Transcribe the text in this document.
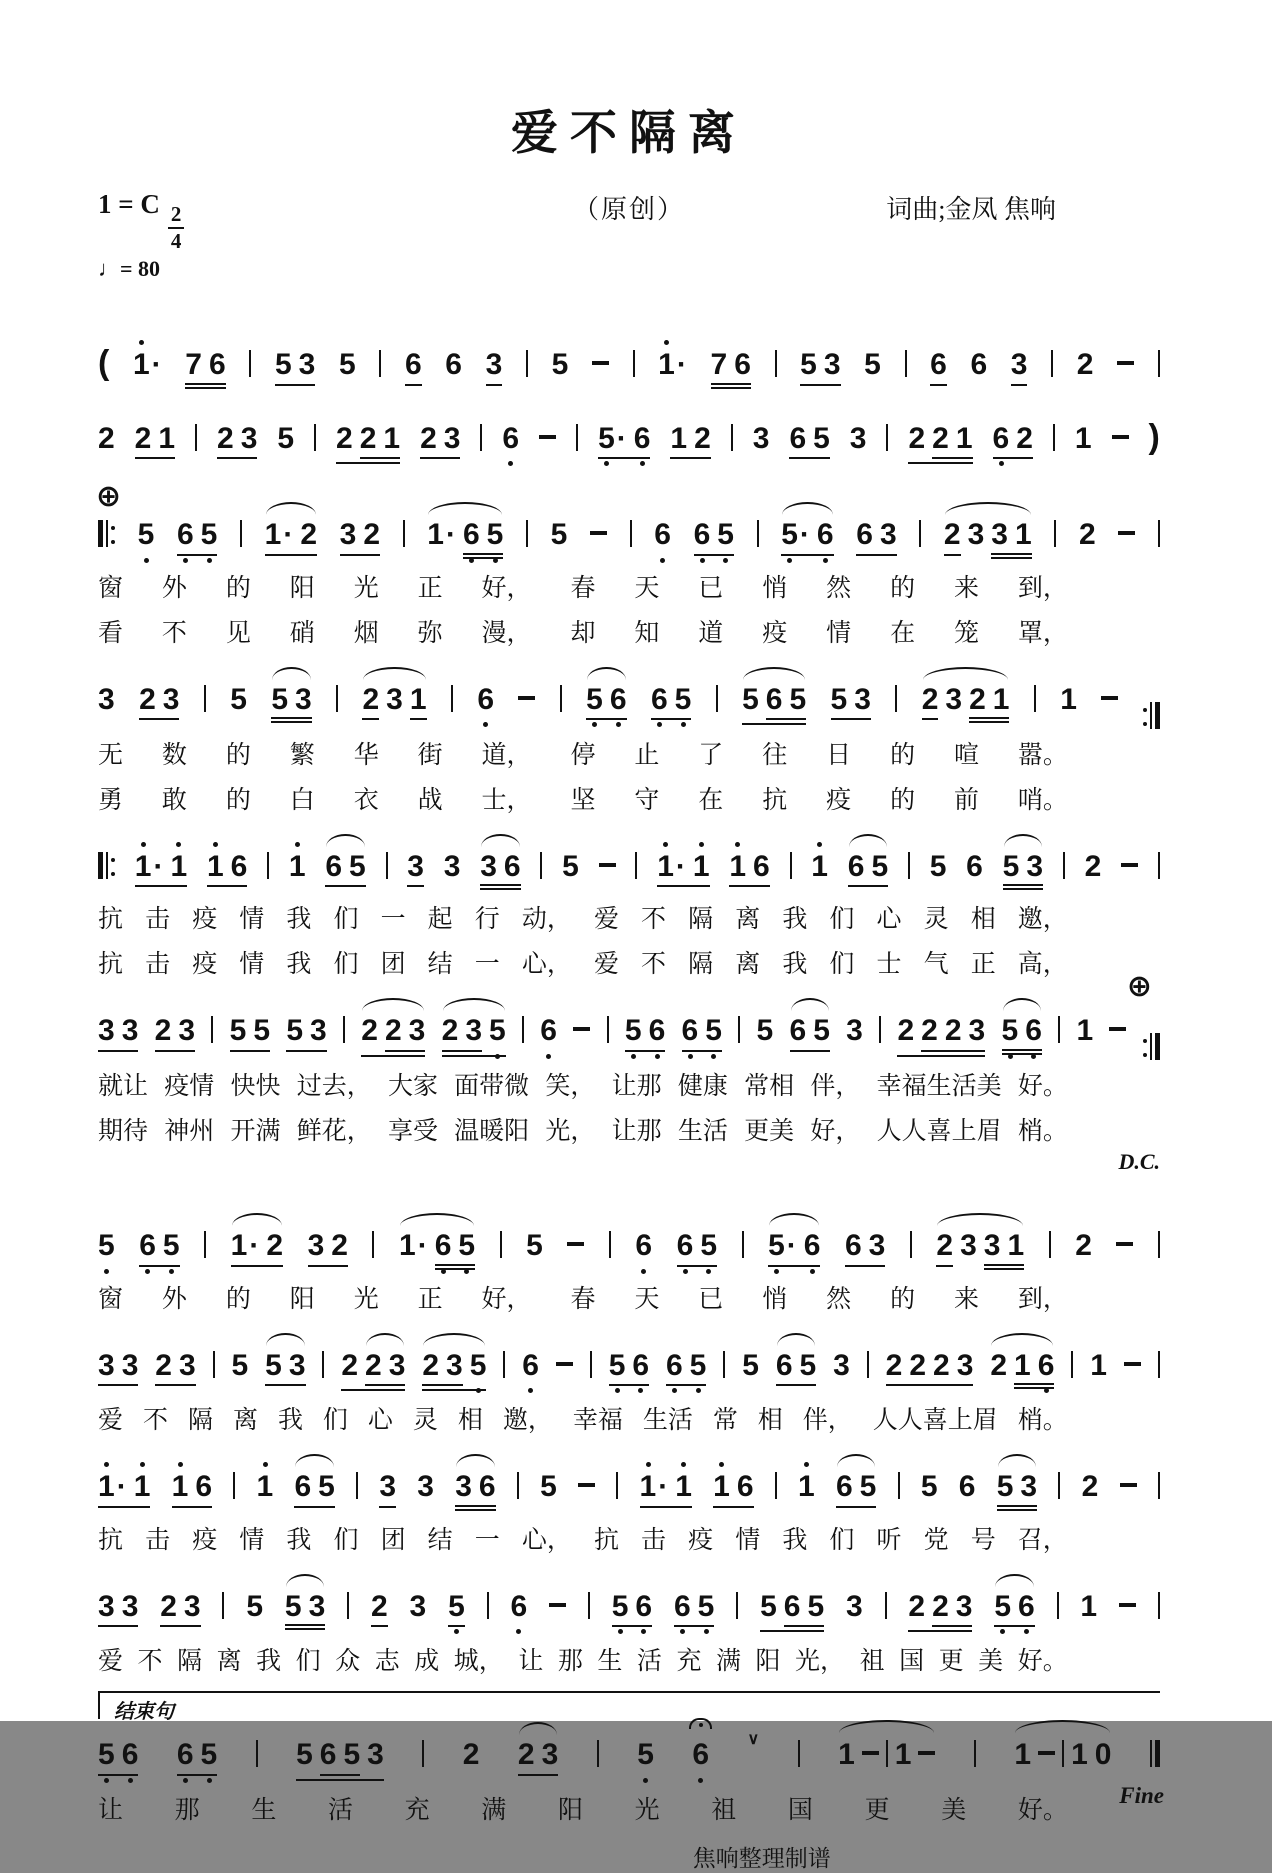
爱不隔离
1 = C $\frac{2}{4}$
♩= 80
（原创）	词曲;金凤 焦响
( 1· 7 6 5 3 5 6 6 3 5	1· 7 6 5 3 5 6 6 3 2
2 2 1 2 3 5 2 2 1 2 3 6	5· 6 1 2 3 6 5 3 2 2 1 6 2 1 )
⊕
5 6 5 1· 2 3 2 1· 6 5 5	6 6 5 5· 6 6 3 2 3 3 1 2
窗 外 的 阳 光 正 好， 春 天 已 悄 然 的 来 到，
看 不 见 硝 烟 弥 漫， 却 知 道 疫 情 在 笼 罩，
3 2 3 5 5 3 2 3 1 6	5 6 6 5 5 6 5 5 3 2 3 2 1 1
无 数 的 繁 华 街 道， 停 止 了 往 日 的 喧 嚣。
勇 敢 的 白 衣 战 士， 坚 守 在 抗 疫 的 前 哨。
1· 1 1 6 1 6 5 3 3 3 6 5	1· 1 1 6 1 6 5 5 6 5 3 2
抗 击 疫 情 我 们 一 起 行 动， 爱 不 隔 离 我 们 心 灵 相 邀，
抗 击 疫 情 我 们 团 结 一 心， 爱 不 隔 离 我 们 士 气 正 高，
⊕
3 3 2 3 5 5 5 3 2 2 3 2 3 5 6 5 6 6 5 5 6 5 3 2 2 2 3 5 6 1
就让 疫情 快快 过去， 大家 面带微 笑， 让那 健康 常相 伴， 幸福生活美 好。
期待 神州 开满 鲜花， 享受 温暖阳 光， 让那 生活 更美 好， 人人喜上眉 梢。
D.C.
5 6 5 1· 2 3 2 1· 6 5 5	6 6 5 5· 6 6 3 2 3 3 1 2
窗 外 的 阳 光 正 好， 春 天 已 悄 然 的 来 到，
3 3 2 3 5 5 3 2 2 3 2 3 5 6 5 6 6 5 5 6 5 3 2 2 2 3 2 1 6 1
爱 不 隔 离 我 们 心 灵 相 邀， 幸福 生活 常 相 伴， 人人喜上眉 梢。
1· 1 1 6 1 6 5 3 3 3 6 5	1· 1 1 6 1 6 5 5 6 5 3 2
抗 击 疫 情 我 们 团 结 一 心， 抗 击 疫 情 我 们 听 党 号 召，
3 3 2 3 5 5 3 2 3 5 6	5 6 6 5 5 6 5 3 2 2 3 5 6 1
爱 不 隔 离 我 们 众 志 成 城， 让 那 生 活 充 满 阳 光， 祖 国 更 美 好。
结束句
5 6 6 5	5 6 5 3	2 2 3	5 6 ∨	1 1	1 1 0
让 那 生 活 充 满 阳 光 祖 国 更 美 好。
Fine
焦响整理制谱
